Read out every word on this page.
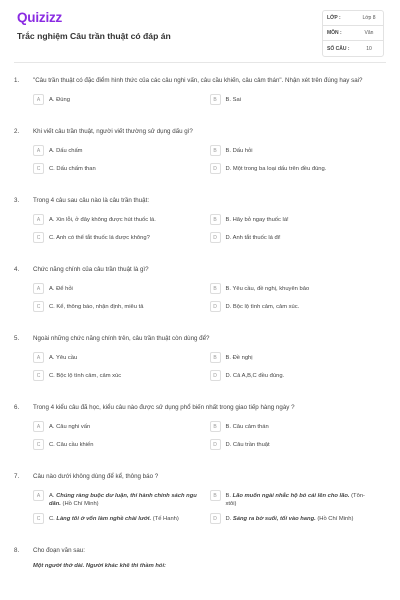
Quizizz
Trắc nghiệm Câu trần thuật có đáp án
LỚP :	Lớp 8
MÔN :	Văn
SỐ CÂU :	10
1.	"Câu trần thuật có đặc điểm hình thức của các câu nghi vấn, câu cầu khiến, câu cảm thán". Nhận xét trên đúng hay sai?
A	A. Đúng	B	B. Sai
2.	Khi viết câu trần thuật, người viết thường sử dụng dấu gì?
A	A. Dấu chấm	B	B. Dấu hỏi
C	C. Dấu chấm than	D	D. Một trong ba loại dấu trên đều đúng.
3.	Trong 4 câu sau câu nào là câu trần thuật:
A	A. Xin lỗi, ở đây không được hút thuốc lá.	B	B. Hãy bỏ ngay thuốc lá!
C	C. Anh có thể tắt thuốc lá được không?	D	D. Anh tắt thuốc lá đi!
4.	Chức năng chính của câu trần thuật là gì?
A	A. Để hỏi	B	B. Yêu cầu, đề nghị, khuyên bảo
C	C. Kể, thông báo, nhận định, miêu tả	D	D. Bộc lộ tình cảm, cảm xúc.
5.	Ngoài những chức năng chính trên, câu trần thuật còn dùng để?
A	A. Yêu cầu	B	B. Đề nghị
C	C. Bộc lộ tình cảm, cảm xúc	D	D. Cả A,B,C đều đúng.
6.	Trong 4 kiểu câu đã học, kiểu câu nào được sử dụng phổ biến nhất trong giao tiếp hàng ngày ?
A	A. Câu nghi vấn	B	B. Câu cảm thán
C	C. Câu cầu khiến	D	D. Câu trần thuật
7.	Câu nào dưới không dùng để kể, thông báo ?
A	A. Chúng ràng buộc dư luận, thi hành chính sách ngu dân. (Hồ Chí Minh)
B	B. Lão muốn ngài nhắc hộ bỏ cái lên cho lão. (Tôn-xtôi)
C	C. Làng tôi ở vốn làm nghề chài lưới. (Tế Hanh)	D	D. Sáng ra bờ suối, tối vào hang. (Hồ Chí Minh)
8.	Cho đoạn văn sau:
Một người thở dài. Người khác khẽ thì thầm hỏi:
